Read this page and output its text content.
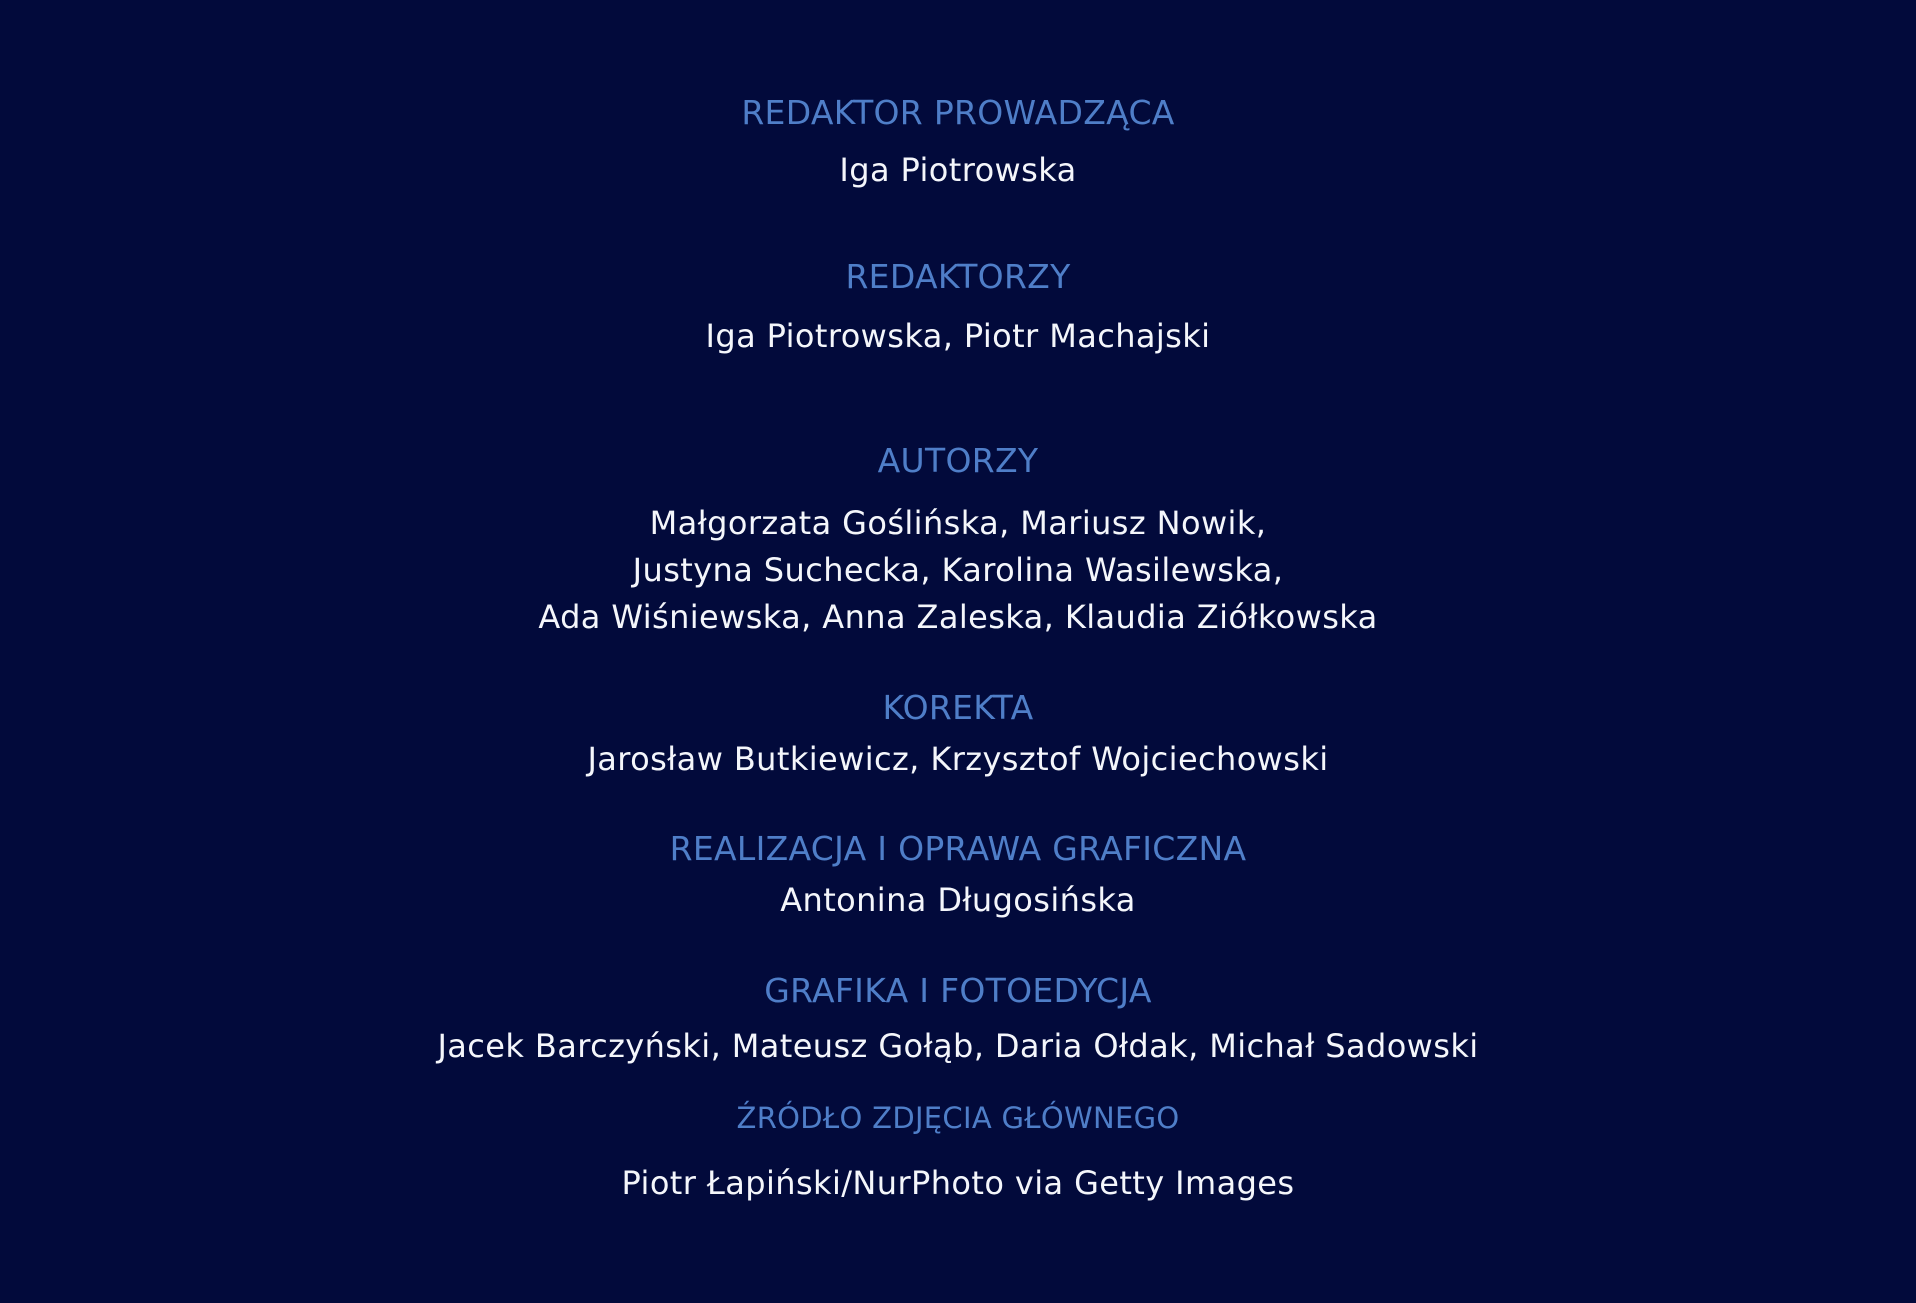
REDAKTOR PROWADZĄCA
Iga Piotrowska
REDAKTORZY
Iga Piotrowska, Piotr Machajski
AUTORZY
Małgorzata Goślińska, Mariusz Nowik,
Justyna Suchecka, Karolina Wasilewska,
Ada Wiśniewska, Anna Zaleska, Klaudia Ziółkowska
KOREKTA
Jarosław Butkiewicz, Krzysztof Wojciechowski
REALIZACJA I OPRAWA GRAFICZNA
Antonina Długosińska
GRAFIKA I FOTOEDYCJA
Jacek Barczyński, Mateusz Gołąb, Daria Ołdak, Michał Sadowski
ŹRÓDŁO ZDJĘCIA GŁÓWNEGO
Piotr Łapiński/NurPhoto via Getty Images
